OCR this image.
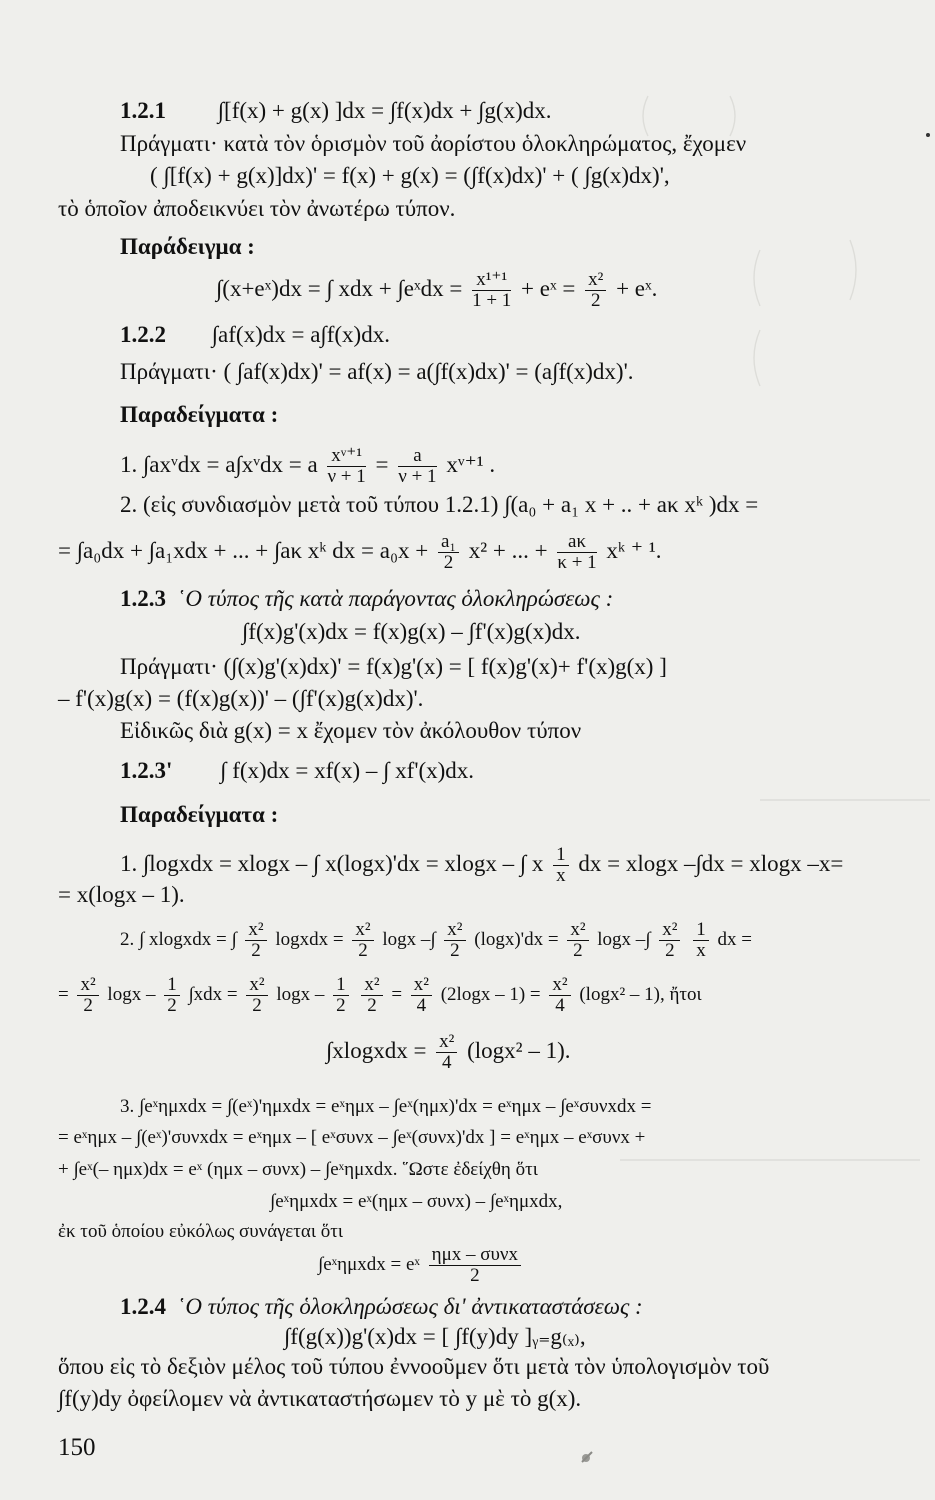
1.2.1 ∫[f(x) + g(x) ]dx = ∫f(x)dx + ∫g(x)dx.
Πράγματι· κατὰ τὸν ὁρισμὸν τοῦ ἀορίστου ὁλοκληρώματος, ἔχομεν
( ∫[f(x) + g(x)]dx)' = f(x) + g(x) = (∫f(x)dx)' + ( ∫g(x)dx)',
τὸ ὁποῖον ἀποδεικνύει τὸν ἀνωτέρω τύπον.
Παράδειγμα :
∫(x+eˣ)dx = ∫ xdx + ∫eˣdx = $\frac{\text{x¹⁺¹}}{1 + 1}$ + eˣ = $\frac{\text{x²}}{2}$ + eˣ.
1.2.2 ∫af(x)dx = a∫f(x)dx.
Πράγματι· ( ∫af(x)dx)' = af(x) = a(∫f(x)dx)' = (a∫f(x)dx)'.
Παραδείγματα :
1. ∫axᵛdx = a∫xᵛdx = a $\frac{\text{xᵛ⁺¹}}{\nu + 1} = \frac{a}{\nu + 1}$ xᵛ⁺¹ .
2. (εἰς συνδιασμὸν μετὰ τοῦ τύπου 1.2.1) ∫(a₀ + a₁ x + .. + aκ xᵏ )dx =
= ∫a₀dx + ∫a₁xdx + ... + ∫aκ xᵏ dx = $a_0x + \frac{\text{a₁}}{2} x^2$ + ... + $\frac{a\kappa}{\kappa + 1}$ xᵏ ⁺ ¹.
1.2.3 ῾Ο τύπος τῆς κατὰ παράγοντας ὁλοκληρώσεως :
∫f(x)g'(x)dx = f(x)g(x) – ∫f'(x)g(x)dx.
Πράγματι· (∫(x)g'(x)dx)' = f(x)g'(x) = [ f(x)g'(x)+ f'(x)g(x) ]
– f'(x)g(x) = (f(x)g(x))' – (∫f'(x)g(x)dx)'.
Εἰδικῶς διὰ g(x) = x ἔχομεν τὸν ἀκόλουθον τύπον
1.2.3' ∫ f(x)dx = xf(x) – ∫ xf'(x)dx.
Παραδείγματα :
1. ∫logxdx = xlogx – ∫ x(logx)'dx = xlogx – ∫ x $\frac{1}{x}$ dx = xlogx –∫dx = xlogx –x=
= x(logx – 1).
2. ∫ xlogxdx = ∫ $\frac{\text{x²}}{2}$ logxdx = $\frac{\text{x²}}{2}$ logx –∫ $\frac{\text{x²}}{2} (\log x)'dx = \frac{\text{x²}}{2}$ logx –∫ $\frac{\text{x²}}{2}$
$\frac{1}{x}$ dx =
= $\frac{\text{x²}}{2}$ $\log x - \frac{1}{2} \int xdx = \frac{\text{x²}}{2}$ logx – $\frac{1}{2}$
$\frac{\text{x²}}{2} = \frac{\text{x²}}{4} (2\log x - 1) = \frac{\text{x²}}{4} (\log x^2 - 1)$, ἤτοι
∫xlogxdx = $\frac{\text{x²}}{4} (\log x^2 - 1)$.
3. ∫eˣημxdx = ∫(eˣ)'ημxdx = eˣημx – ∫eˣ(ημx)'dx = eˣημx – ∫eˣσυνxdx =
= eˣημx – ∫(eˣ)'συνxdx = eˣημx – [ eˣσυνx – ∫eˣ(συνx)'dx ] = eˣημx – eˣσυνx +
+ ∫eˣ(– ημx)dx = eˣ (ημx – συνx) – ∫eˣημxdx. ῞Ωστε ἐδείχθη ὅτι
∫eˣημxdx = eˣ(ημx – συνx) – ∫eˣημxdx,
ἐκ τοῦ ὁποίου εὐκόλως συνάγεται ὅτι
∫eˣημxdx = eˣ $\frac{\text{ημx – συνx}}{2}$
1.2.4 ῾Ο τύπος τῆς ὁλοκληρώσεως δι' ἀντικαταστάσεως :
∫f(g(x))g'(x)dx = [ ∫f(y)dy ]ᵧ₌g₍ₓ₎,
ὅπου εἰς τὸ δεξιὸν μέλος τοῦ τύπου ἐννοοῦμεν ὅτι μετὰ τὸν ὑπολογισμὸν τοῦ
∫f(y)dy ὀφείλομεν νὰ ἀντικαταστήσωμεν τὸ y μὲ τὸ g(x).
150
